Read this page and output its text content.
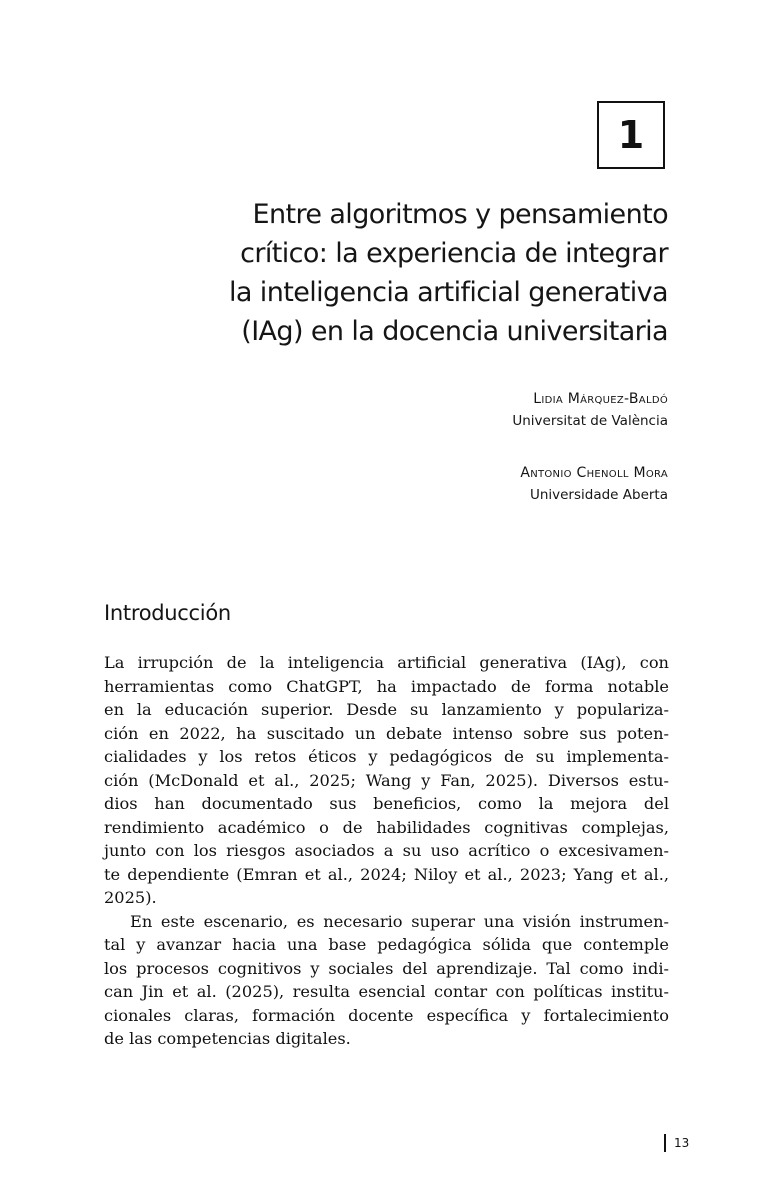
1
Entre algoritmos y pensamiento
crítico: la experiencia de integrar
la inteligencia artificial generativa
(IAg) en la docencia universitaria
Lidia Márquez-Baldó
Universitat de València
Antonio Chenoll Mora
Universidade Aberta
Introducción
La irrupción de la inteligencia artificial generativa (IAg), con
herramientas como ChatGPT, ha impactado de forma notable
en la educación superior. Desde su lanzamiento y populariza-
ción en 2022, ha suscitado un debate intenso sobre sus poten-
cialidades y los retos éticos y pedagógicos de su implementa-
ción (McDonald et al., 2025; Wang y Fan, 2025). Diversos estu-
dios han documentado sus beneficios, como la mejora del
rendimiento académico o de habilidades cognitivas complejas,
junto con los riesgos asociados a su uso acrítico o excesivamen-
te dependiente (Emran et al., 2024; Niloy et al., 2023; Yang et al.,
2025).
En este escenario, es necesario superar una visión instrumen-
tal y avanzar hacia una base pedagógica sólida que contemple
los procesos cognitivos y sociales del aprendizaje. Tal como indi-
can Jin et al. (2025), resulta esencial contar con políticas institu-
cionales claras, formación docente específica y fortalecimiento
de las competencias digitales.
13
